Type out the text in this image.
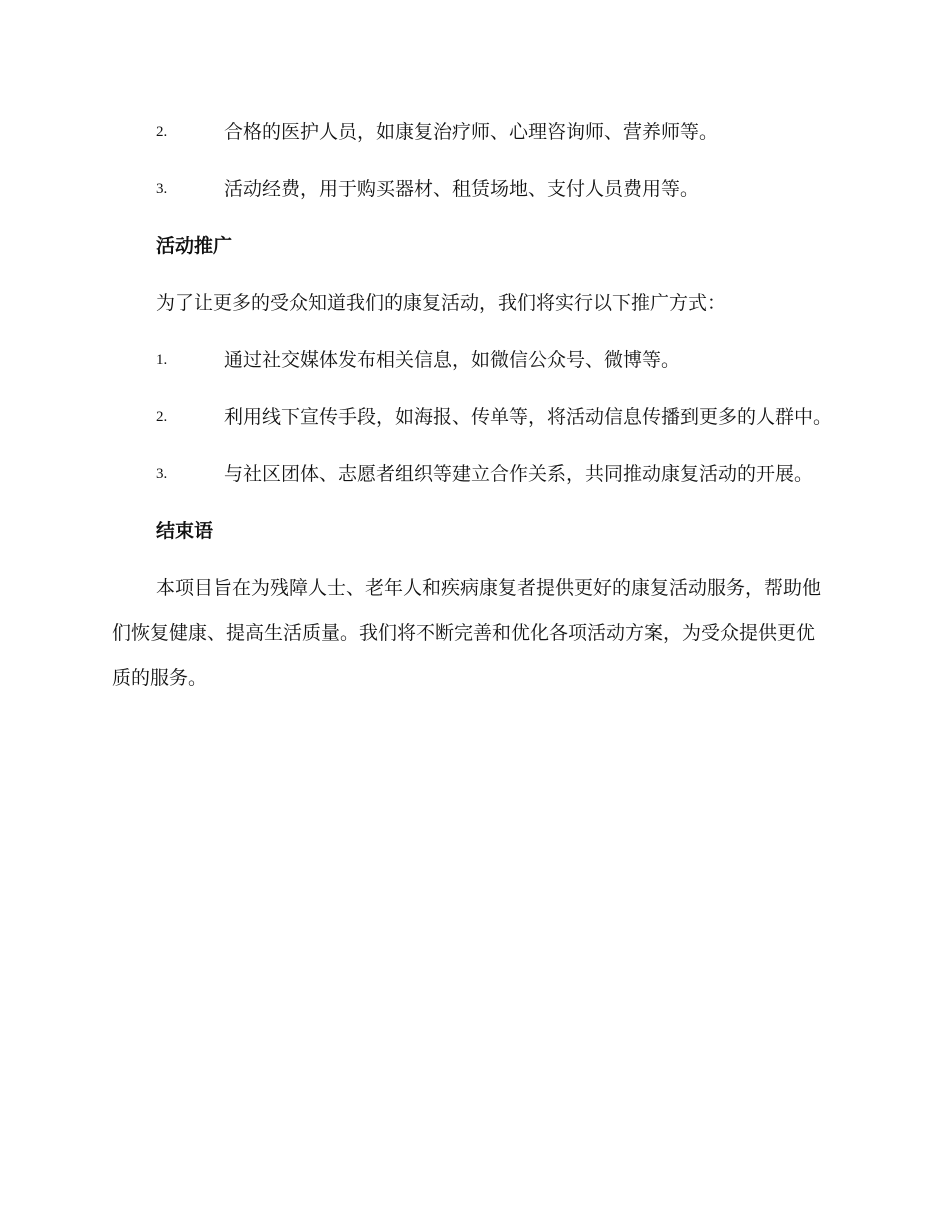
2.	合格的医护人员，如康复治疗师、心理咨询师、营养师等。

3.	活动经费，用于购买器材、租赁场地、支付人员费用等。

活动推广

为了让更多的受众知道我们的康复活动，我们将实行以下推广方式：

1.	通过社交媒体发布相关信息，如微信公众号、微博等。

2.	利用线下宣传手段，如海报、传单等，将活动信息传播到更多的人群中。

3.	与社区团体、志愿者组织等建立合作关系，共同推动康复活动的开展。

结束语

本项目旨在为残障人士、老年人和疾病康复者提供更好的康复活动服务，帮助他们恢复健康、提高生活质量。我们将不断完善和优化各项活动方案，为受众提供更优质的服务。
